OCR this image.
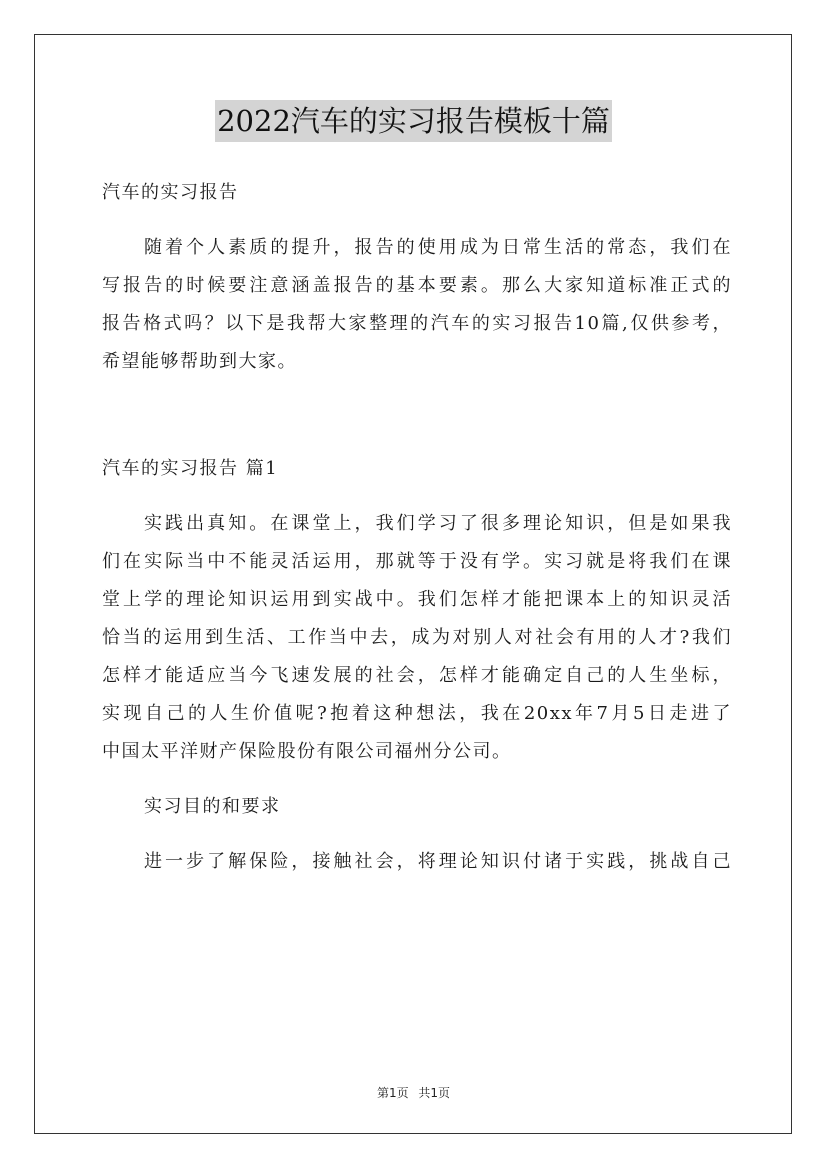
2022汽车的实习报告模板十篇
汽车的实习报告
随着个人素质的提升，报告的使用成为日常生活的常态，我们在
写报告的时候要注意涵盖报告的基本要素。那么大家知道标准正式的
报告格式吗？以下是我帮大家整理的汽车的实习报告10篇,仅供参考，
希望能够帮助到大家。
汽车的实习报告 篇1
实践出真知。在课堂上，我们学习了很多理论知识，但是如果我
们在实际当中不能灵活运用，那就等于没有学。实习就是将我们在课
堂上学的理论知识运用到实战中。我们怎样才能把课本上的知识灵活
恰当的运用到生活、工作当中去，成为对别人对社会有用的人才?我们
怎样才能适应当今飞速发展的社会，怎样才能确定自己的人生坐标，
实现自己的人生价值呢?抱着这种想法，我在20xx年7月5日走进了
中国太平洋财产保险股份有限公司福州分公司。
实习目的和要求
进一步了解保险，接触社会，将理论知识付诸于实践，挑战自己
第1页 共1页
